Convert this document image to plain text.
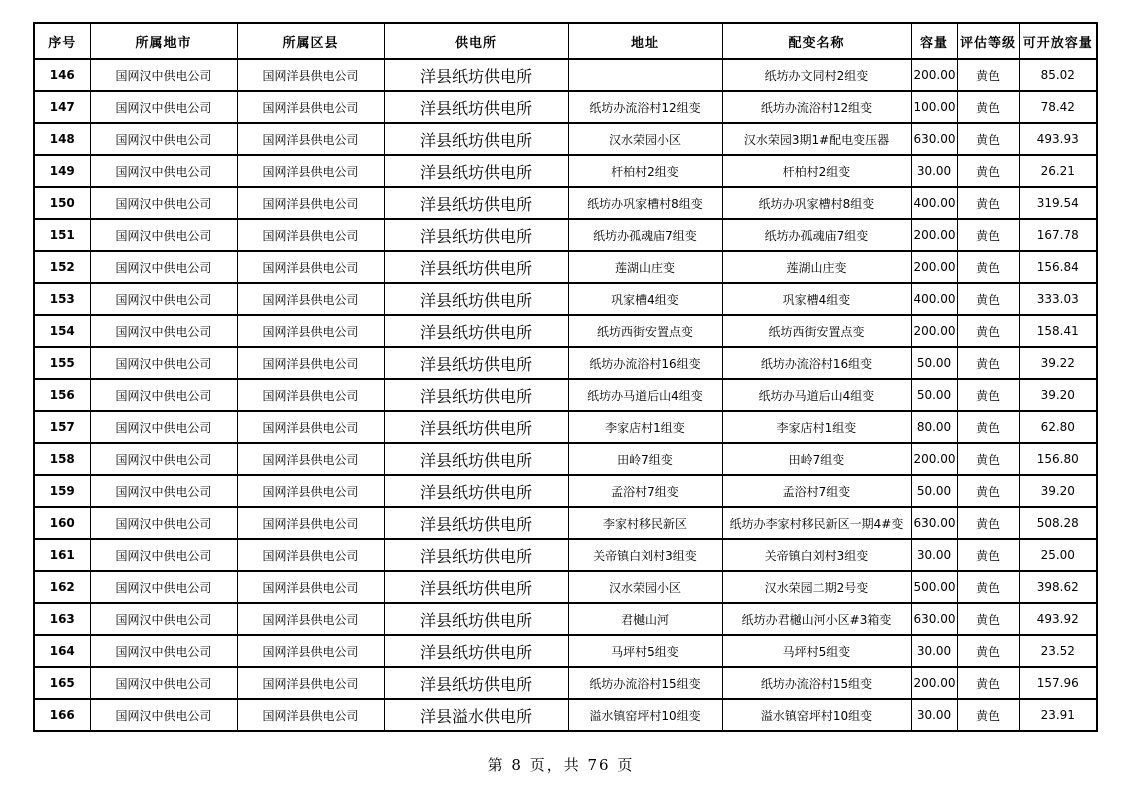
序号	所属地市	所属区县	供电所	地址	配变名称	容量	评估等级	可开放容量
146	国网汉中供电公司	国网洋县供电公司	洋县纸坊供电所		纸坊办文同村2组变	200.00	黄色	85.02
147	国网汉中供电公司	国网洋县供电公司	洋县纸坊供电所	纸坊办流浴村12组变	纸坊办流浴村12组变	100.00	黄色	78.42
148	国网汉中供电公司	国网洋县供电公司	洋县纸坊供电所	汉水荣园小区	汉水荣园3期1#配电变压器	630.00	黄色	493.93
149	国网汉中供电公司	国网洋县供电公司	洋县纸坊供电所	杆柏村2组变	杆柏村2组变	30.00	黄色	26.21
150	国网汉中供电公司	国网洋县供电公司	洋县纸坊供电所	纸坊办巩家槽村8组变	纸坊办巩家槽村8组变	400.00	黄色	319.54
151	国网汉中供电公司	国网洋县供电公司	洋县纸坊供电所	纸坊办孤魂庙7组变	纸坊办孤魂庙7组变	200.00	黄色	167.78
152	国网汉中供电公司	国网洋县供电公司	洋县纸坊供电所	莲湖山庄变	莲湖山庄变	200.00	黄色	156.84
153	国网汉中供电公司	国网洋县供电公司	洋县纸坊供电所	巩家槽4组变	巩家槽4组变	400.00	黄色	333.03
154	国网汉中供电公司	国网洋县供电公司	洋县纸坊供电所	纸坊西街安置点变	纸坊西街安置点变	200.00	黄色	158.41
155	国网汉中供电公司	国网洋县供电公司	洋县纸坊供电所	纸坊办流浴村16组变	纸坊办流浴村16组变	50.00	黄色	39.22
156	国网汉中供电公司	国网洋县供电公司	洋县纸坊供电所	纸坊办马道后山4组变	纸坊办马道后山4组变	50.00	黄色	39.20
157	国网汉中供电公司	国网洋县供电公司	洋县纸坊供电所	李家店村1组变	李家店村1组变	80.00	黄色	62.80
158	国网汉中供电公司	国网洋县供电公司	洋县纸坊供电所	田岭7组变	田岭7组变	200.00	黄色	156.80
159	国网汉中供电公司	国网洋县供电公司	洋县纸坊供电所	孟浴村7组变	孟浴村7组变	50.00	黄色	39.20
160	国网汉中供电公司	国网洋县供电公司	洋县纸坊供电所	李家村移民新区	纸坊办李家村移民新区一期4#变	630.00	黄色	508.28
161	国网汉中供电公司	国网洋县供电公司	洋县纸坊供电所	关帝镇白刘村3组变	关帝镇白刘村3组变	30.00	黄色	25.00
162	国网汉中供电公司	国网洋县供电公司	洋县纸坊供电所	汉水荣园小区	汉水荣园二期2号变	500.00	黄色	398.62
163	国网汉中供电公司	国网洋县供电公司	洋县纸坊供电所	君樾山河	纸坊办君樾山河小区#3箱变	630.00	黄色	493.92
164	国网汉中供电公司	国网洋县供电公司	洋县纸坊供电所	马坪村5组变	马坪村5组变	30.00	黄色	23.52
165	国网汉中供电公司	国网洋县供电公司	洋县纸坊供电所	纸坊办流浴村15组变	纸坊办流浴村15组变	200.00	黄色	157.96
166	国网汉中供电公司	国网洋县供电公司	洋县溢水供电所	溢水镇窑坪村10组变	溢水镇窑坪村10组变	30.00	黄色	23.91
第 8 页，共 76 页
